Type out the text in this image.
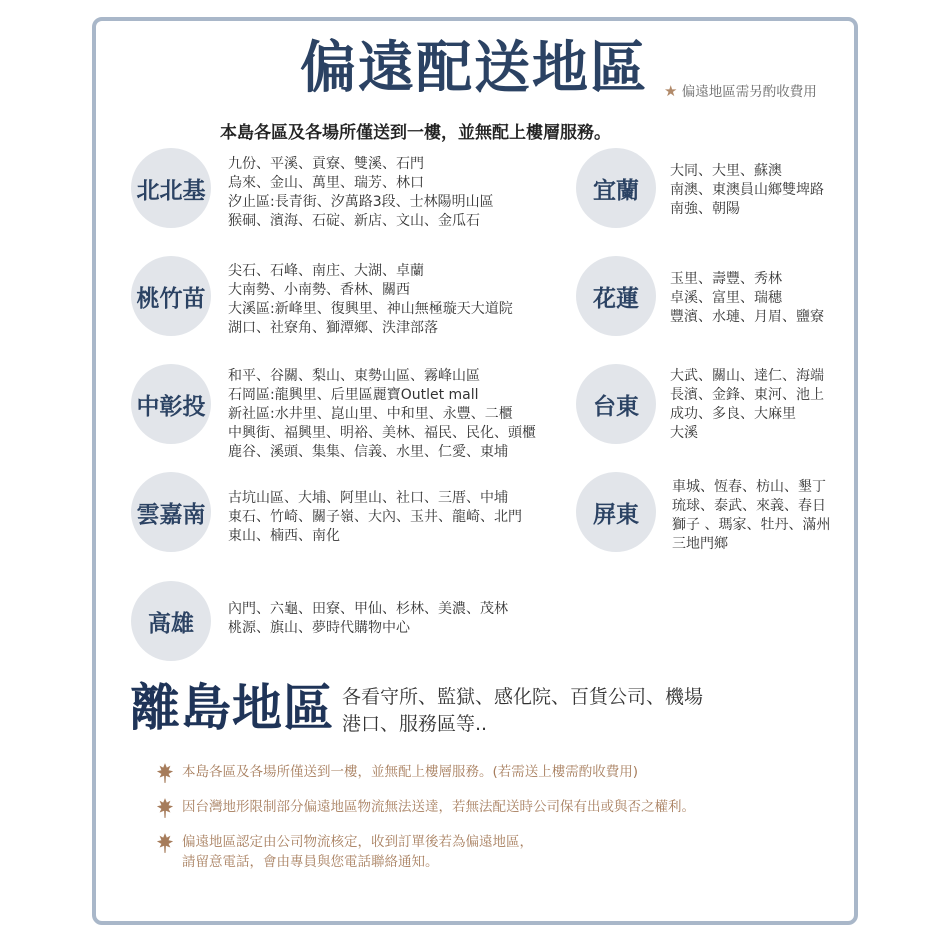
偏遠配送地區 ★ 偏遠地區需另酌收費用
本島各區及各場所僅送到一樓，並無配上樓層服務。
北北基
九份、平溪、貢寮、雙溪、石門
烏來、金山、萬里、瑞芳、林口
汐止區:長青街、汐萬路3段、士林陽明山區
猴硐、濱海、石碇、新店、文山、金瓜石
桃竹苗
尖石、石峰、南庄、大湖、卓蘭
大南勢、小南勢、香林、關西
大溪區:新峰里、復興里、神山無極璇天大道院
湖口、社寮角、獅潭鄉、泆津部落
中彰投
和平、谷關、梨山、東勢山區、霧峰山區
石岡區:龍興里、后里區麗寶Outlet mall
新社區:水井里、崑山里、中和里、永豐、二櫃
中興街、福興里、明裕、美林、福民、民化、頭櫃
鹿谷、溪頭、集集、信義、水里、仁愛、東埔
雲嘉南
古坑山區、大埔、阿里山、社口、三厝、中埔
東石、竹崎、關子嶺、大內、玉井、龍崎、北門
東山、楠西、南化
高雄
內門、六龜、田寮、甲仙、杉林、美濃、茂林
桃源、旗山、夢時代購物中心
宜蘭
大同、大里、蘇澳
南澳、東澳員山鄉雙埤路
南強、朝陽
花蓮
玉里、壽豐、秀林
卓溪、富里、瑞穗
豐濱、水璉、月眉、鹽寮
台東
大武、關山、達仁、海端
長濱、金鋒、東河、池上
成功、多良、大麻里
大溪
屏東
車城、恆春、枋山、墾丁
琉球、泰武、來義、春日
獅子 、瑪家、牡丹、滿州
三地門鄉
離島地區 各看守所、監獄、感化院、百貨公司、機場
港口、服務區等..
本島各區及各場所僅送到一樓，並無配上樓層服務。(若需送上樓需酌收費用)
因台灣地形限制部分偏遠地區物流無法送達，若無法配送時公司保有出或與否之權利。
偏遠地區認定由公司物流核定，收到訂單後若為偏遠地區，
請留意電話，會由專員與您電話聯絡通知。
